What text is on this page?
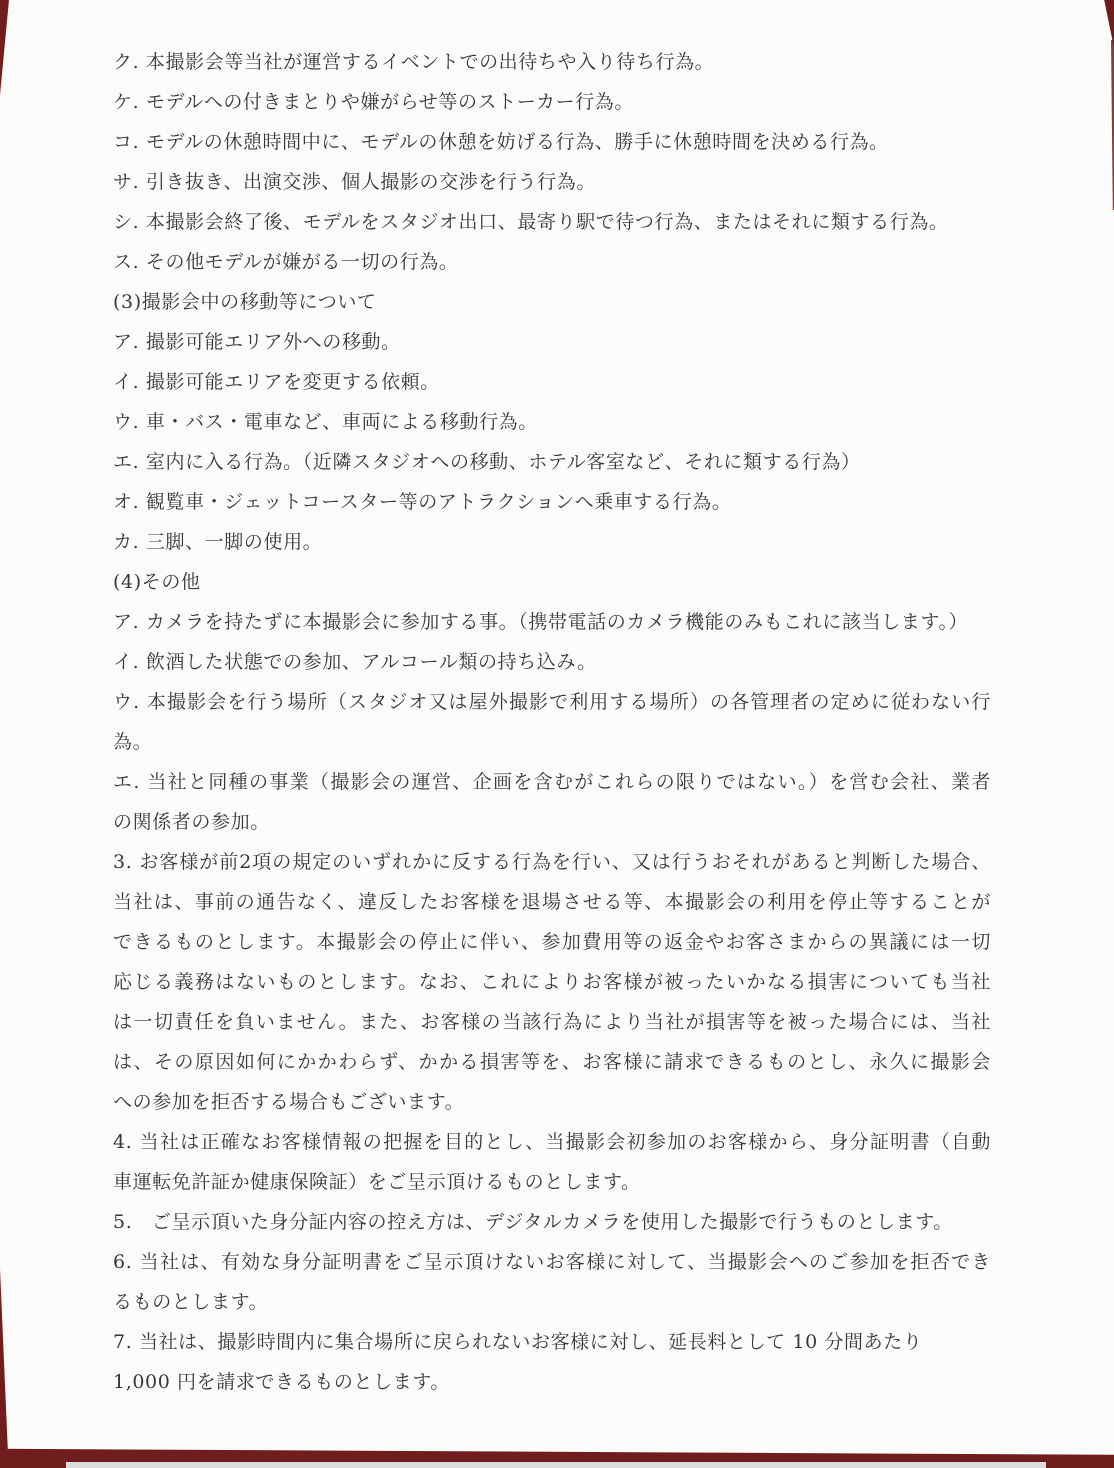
ク. 本撮影会等当社が運営するイベントでの出待ちや入り待ち行為。

ケ. モデルへの付きまとりや嫌がらせ等のストーカー行為。

コ. モデルの休憩時間中に、モデルの休憩を妨げる行為、勝手に休憩時間を決める行為。

サ. 引き抜き、出演交渉、個人撮影の交渉を行う行為。

シ. 本撮影会終了後、モデルをスタジオ出口、最寄り駅で待つ行為、またはそれに類する行為。

ス. その他モデルが嫌がる一切の行為。

(3)撮影会中の移動等について

ア. 撮影可能エリア外への移動。

イ. 撮影可能エリアを変更する依頼。

ウ. 車・バス・電車など、車両による移動行為。

エ. 室内に入る行為。（近隣スタジオへの移動、ホテル客室など、それに類する行為）

オ. 観覧車・ジェットコースター等のアトラクションへ乗車する行為。

カ. 三脚、一脚の使用。

(4)その他

ア. カメラを持たずに本撮影会に参加する事。（携帯電話のカメラ機能のみもこれに該当します。）

イ. 飲酒した状態での参加、アルコール類の持ち込み。

ウ. 本撮影会を行う場所（スタジオ又は屋外撮影で利用する場所）の各管理者の定めに従わない行

為。

エ. 当社と同種の事業（撮影会の運営、企画を含むがこれらの限りではない。）を営む会社、業者

の関係者の参加。

3. お客様が前2項の規定のいずれかに反する行為を行い、又は行うおそれがあると判断した場合、

当社は、事前の通告なく、違反したお客様を退場させる等、本撮影会の利用を停止等することが

できるものとします。本撮影会の停止に伴い、参加費用等の返金やお客さまからの異議には一切

応じる義務はないものとします。なお、これによりお客様が被ったいかなる損害についても当社

は一切責任を負いません。また、お客様の当該行為により当社が損害等を被った場合には、当社

は、その原因如何にかかわらず、かかる損害等を、お客様に請求できるものとし、永久に撮影会

への参加を拒否する場合もございます。

4. 当社は正確なお客様情報の把握を目的とし、当撮影会初参加のお客様から、身分証明書（自動

車運転免許証か健康保険証）をご呈示頂けるものとします。

5.　ご呈示頂いた身分証内容の控え方は、デジタルカメラを使用した撮影で行うものとします。

6. 当社は、有効な身分証明書をご呈示頂けないお客様に対して、当撮影会へのご参加を拒否でき

るものとします。

7. 当社は、撮影時間内に集合場所に戻られないお客様に対し、延長料として 10 分間あたり

1,000 円を請求できるものとします。
